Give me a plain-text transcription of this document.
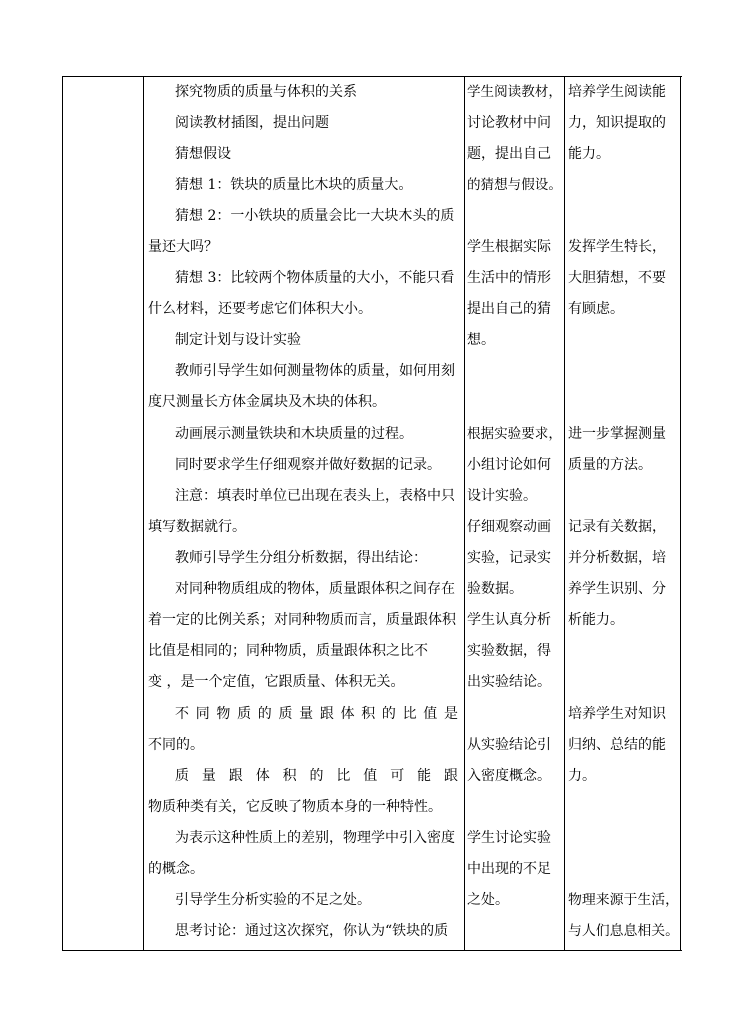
探究物质的质量与体积的关系
阅读教材插图，提出问题
猜想假设
猜想 1：铁块的质量比木块的质量大。
猜想 2：一小铁块的质量会比一大块木头的质
量还大吗？
猜想 3：比较两个物体质量的大小，不能只看
什么材料，还要考虑它们体积大小。
制定计划与设计实验
教师引导学生如何测量物体的质量，如何用刻
度尺测量长方体金属块及木块的体积。
动画展示测量铁块和木块质量的过程。
同时要求学生仔细观察并做好数据的记录。
注意：填表时单位已出现在表头上，表格中只
填写数据就行。
教师引导学生分组分析数据，得出结论：
对同种物质组成的物体，质量跟体积之间存在
着一定的比例关系；对同种物质而言，质量跟体积
比值是相同的；同种物质，质量跟体积之比不
变 ，是一个定值，它跟质量、体积无关。
不同物质的质量跟体积的比值是
不同的。
质量跟体积的比值可能跟
物质种类有关，它反映了物质本身的一种特性。
为表示这种性质上的差别，物理学中引入密度
的概念。
引导学生分析实验的不足之处。
思考讨论：通过这次探究，你认为“铁块的质
学生阅读教材，
讨论教材中问
题，提出自己
的猜想与假设。
学生根据实际
生活中的情形
提出自己的猜
想。
根据实验要求，
小组讨论如何
设计实验。
仔细观察动画
实验，记录实
验数据。
学生认真分析
实验数据，得
出实验结论。
从实验结论引
入密度概念。
学生讨论实验
中出现的不足
之处。
培养学生阅读能
力，知识提取的
能力。
发挥学生特长，
大胆猜想，不要
有顾虑。
进一步掌握测量
质量的方法。
记录有关数据，
并分析数据，培
养学生识别、分
析能力。
培养学生对知识
归纳、总结的能
力。
物理来源于生活，
与人们息息相关。
